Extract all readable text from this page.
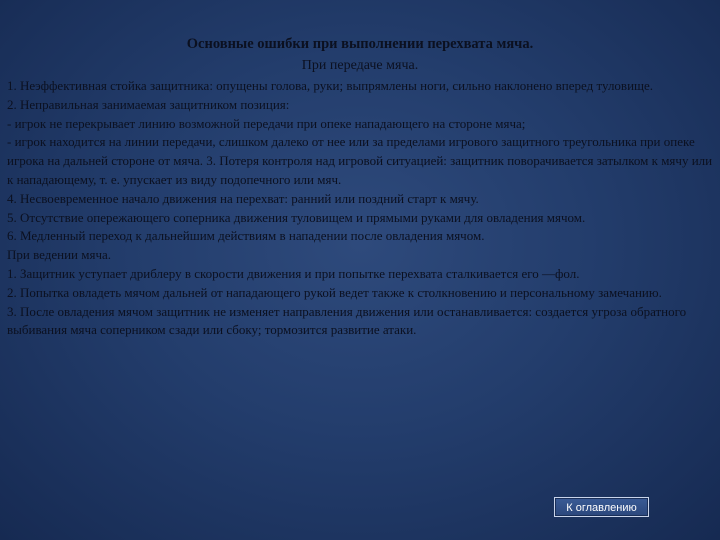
Основные ошибки при выполнении перехвата мяча.
При передаче мяча.

1. Неэффективная стойка защитника: опущены голова, руки; выпрямлены ноги, сильно наклонено вперед туловище.

2. Неправильная занимаемая защитником позиция:

- игрок не перекрывает линию возможной передачи при опеке нападающего на стороне мяча;

- игрок находится на линии передачи, слишком далеко от нее или за пределами игрового защитного треугольника при опеке игрока на дальней стороне от мяча. 3. Потеря контроля над игровой ситуацией: защитник поворачивается затылком к мячу или к нападающему, т. е. упускает из виду подопечного или мяч.

4. Несвоевременное начало движения на перехват: ранний или поздний старт к мячу.

5. Отсутствие опережающего соперника движения туловищем и прямыми руками для овладения мячом.

6. Медленный переход к дальнейшим действиям в нападении после овладения мячом.

При ведении мяча.

1. Защитник уступает дриблеру в скорости движения и при попытке перехвата сталкивается его —фол.

2. Попытка овладеть мячом дальней от нападающего рукой ведет также к столкновению и персональному замечанию.

3. После овладения мячом защитник не изменяет направления движения или останавливается: создается угроза обратного выбивания мяча соперником сзади или сбоку; тормозится развитие атаки.

К оглавлению
